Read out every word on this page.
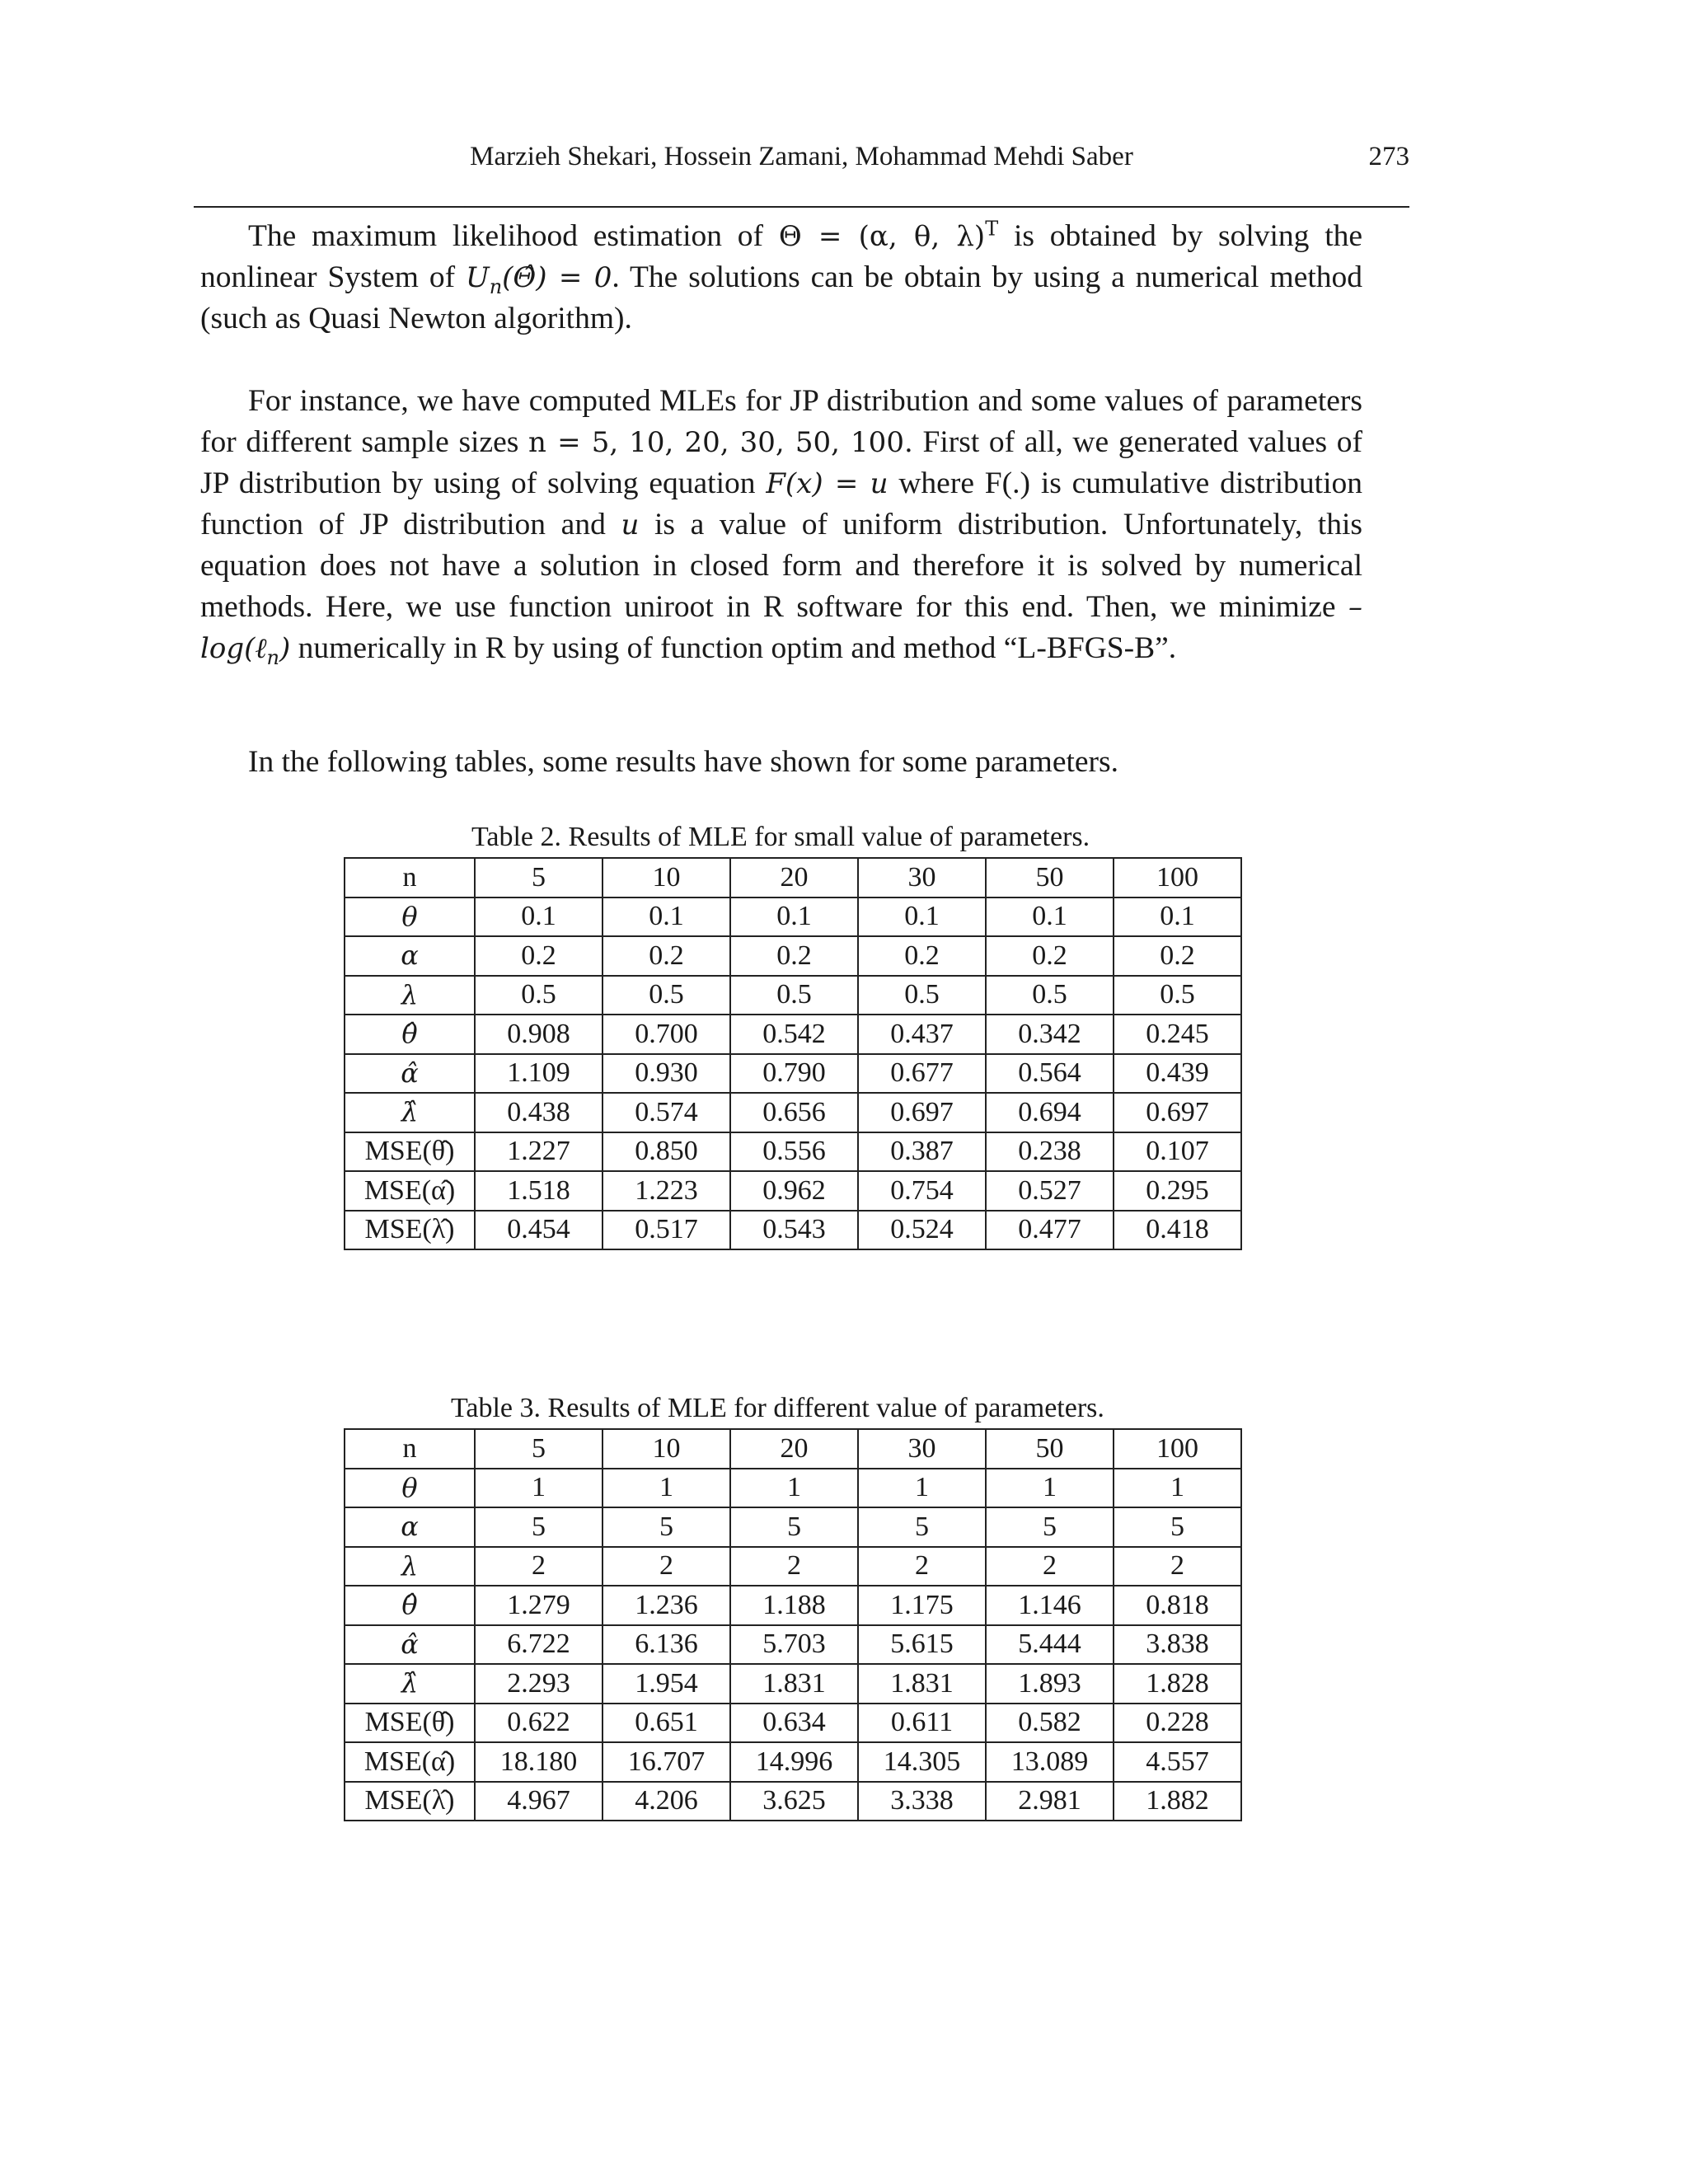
Marzieh Shekari, Hossein Zamani, Mohammad Mehdi Saber	273

The maximum likelihood estimation of Θ = (α, θ, λ)$^T$ is obtained by solving the nonlinear System of $U_n(\Thetâ) = 0$. The solutions can be obtain by using a numerical method (such as Quasi Newton algorithm).

For instance, we have computed MLEs for JP distribution and some values of parameters for different sample sizes n = 5, 10, 20, 30, 50, 100. First of all, we generated values of JP distribution by using of solving equation F(x) = u where F(.) is cumulative distribution function of JP distribution and u is a value of uniform distribution. Unfortunately, this equation does not have a solution in closed form and therefore it is solved by numerical methods. Here, we use function uniroot in R software for this end. Then, we minimize – log(ℓ$_n$) numerically in R by using of function optim and method “L-BFGS-B”.

In the following tables, some results have shown for some parameters.

Table 2. Results of MLE for small value of parameters.
n	5	10	20	30	50	100
θ	0.1	0.1	0.1	0.1	0.1	0.1
α	0.2	0.2	0.2	0.2	0.2	0.2
λ	0.5	0.5	0.5	0.5	0.5	0.5
θ̂	0.908	0.700	0.542	0.437	0.342	0.245
α̂	1.109	0.930	0.790	0.677	0.564	0.439
λ̂	0.438	0.574	0.656	0.697	0.694	0.697
MSE(θ̂)	1.227	0.850	0.556	0.387	0.238	0.107
MSE(α̂)	1.518	1.223	0.962	0.754	0.527	0.295
MSE(λ̂)	0.454	0.517	0.543	0.524	0.477	0.418
Table 3. Results of MLE for different value of parameters.
n	5	10	20	30	50	100
θ	1	1	1	1	1	1
α	5	5	5	5	5	5
λ	2	2	2	2	2	2
θ̂	1.279	1.236	1.188	1.175	1.146	0.818
α̂	6.722	6.136	5.703	5.615	5.444	3.838
λ̂	2.293	1.954	1.831	1.831	1.893	1.828
MSE(θ̂)	0.622	0.651	0.634	0.611	0.582	0.228
MSE(α̂)	18.180	16.707	14.996	14.305	13.089	4.557
MSE(λ̂)	4.967	4.206	3.625	3.338	2.981	1.882
